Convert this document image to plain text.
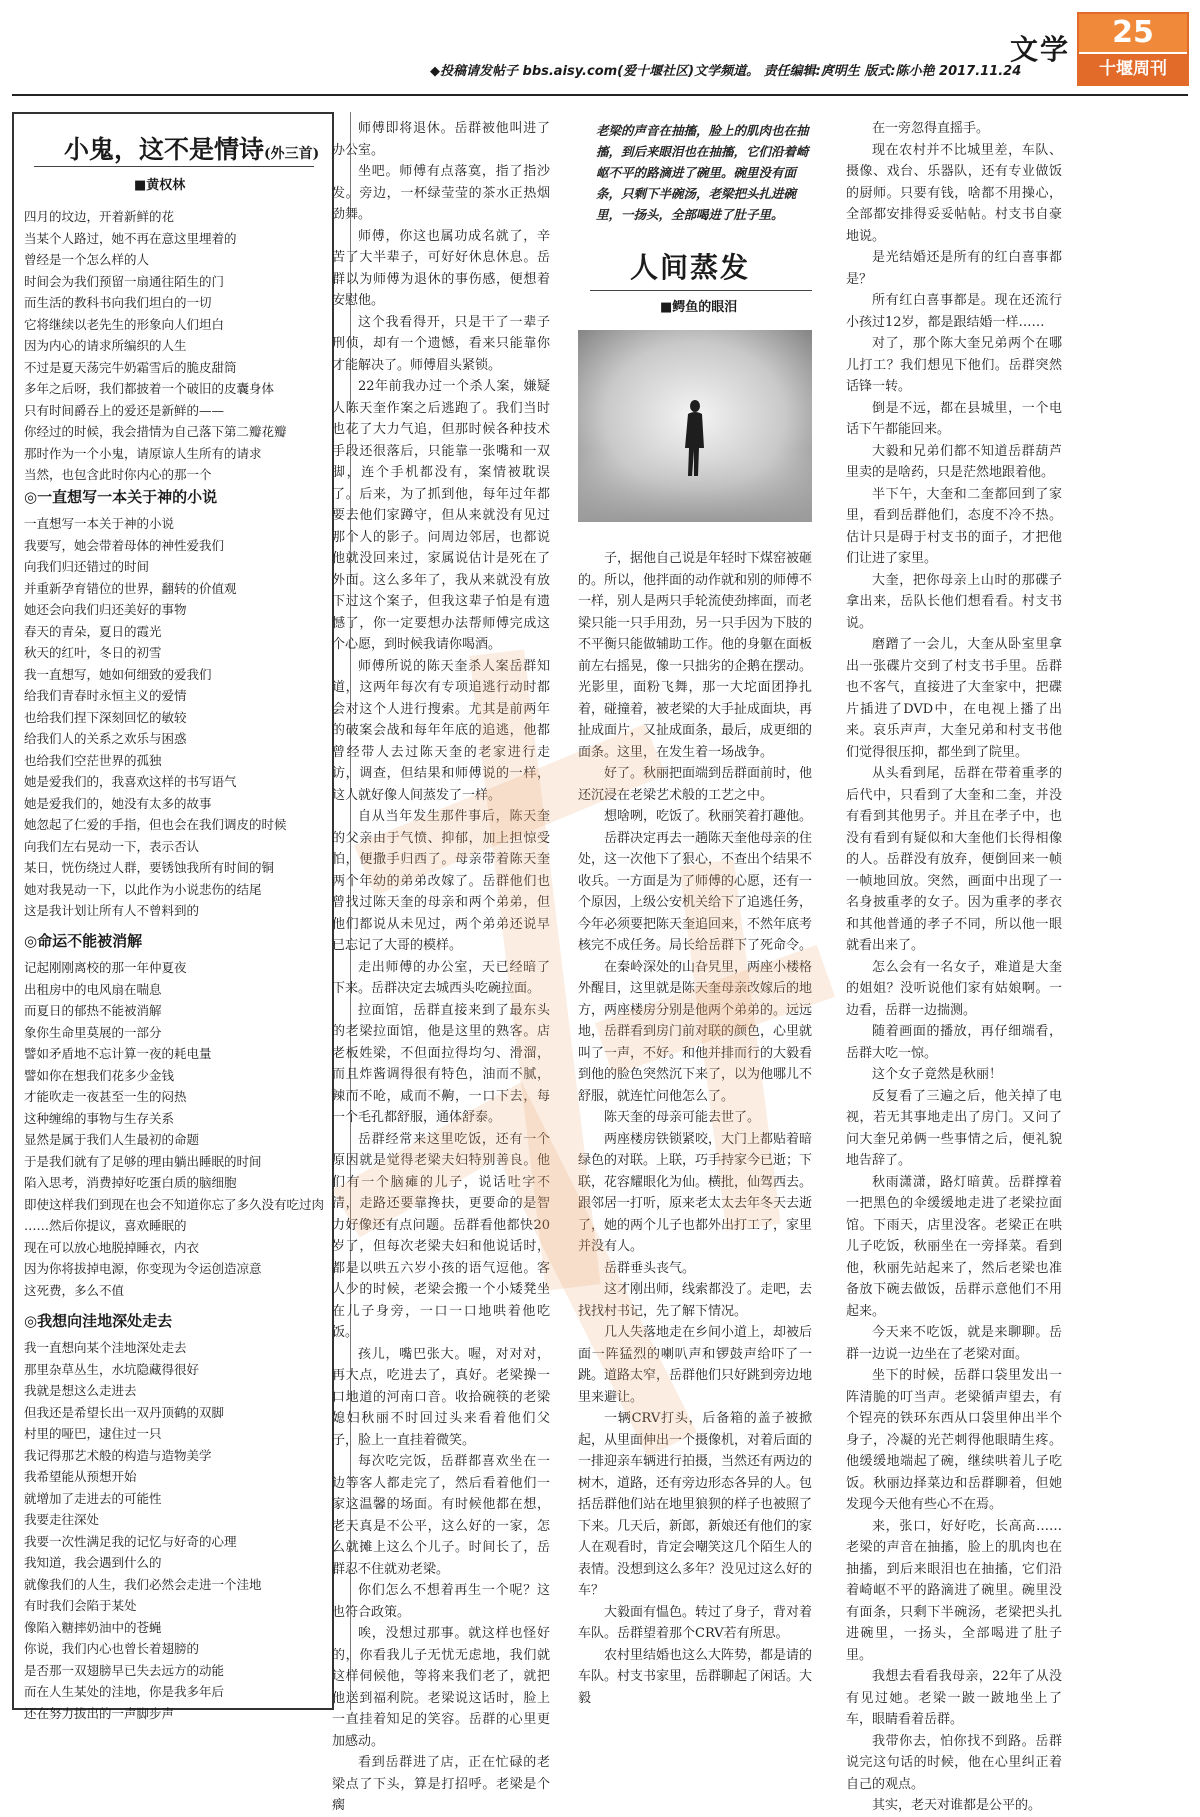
文学	25
十堰周刊
◆投稿请发帖子 bbs.aisy.com(爱十堰社区)文学频道。 责任编辑:庹明生 版式:陈小艳 2017.11.24
小鬼，这不是情诗(外三首)
■黄权林
四月的坟边，开着新鲜的花
当某个人路过，她不再在意这里埋着的
曾经是一个怎么样的人
时间会为我们预留一扇通往陌生的门
而生活的教科书向我们坦白的一切
它将继续以老先生的形象向人们坦白
因为内心的请求所编织的人生
不过是夏天荡完牛奶霜雪后的脆皮甜筒
多年之后呀，我们都披着一个破旧的皮囊身体
只有时间爵吞上的爱还是新鲜的——
你经过的时候，我会措情为自己落下第二瓣花瓣
那时作为一个小鬼，请原谅人生所有的请求
当然，也包含此时你内心的那一个
◎一直想写一本关于神的小说
一直想写一本关于神的小说
我要写，她会带着母体的神性爱我们
向我们归还错过的时间
并重新孕育错位的世界，翻转的价值观
她还会向我们归还美好的事物
春天的青朵，夏日的霞光
秋天的红叶，冬日的初雪
我一直想写，她如何细致的爱我们
给我们青春时永恒主义的爱情
也给我们捏下深刻回忆的敏较
给我们人的关系之欢乐与困惑
也给我们空茫世界的孤独
她是爱我们的，我喜欢这样的书写语气
她是爱我们的，她没有太多的故事
她忽起了仁爱的手指，但也会在我们调皮的时候
向我们左右晃动一下，表示否认
某日，恍伤绕过人群，要锈蚀我所有时间的铜
她对我晃动一下，以此作为小说悲伤的结尾
这是我计划让所有人不曾料到的
◎命运不能被消解
记起刚刚离校的那一年仲夏夜
出租房中的电风扇在喘息
而夏日的郁热不能被消解
象你生命里莫展的一部分
譬如矛盾地不忘计算一夜的耗电量
譬如你在想我们花多少金钱
才能吹走一夜甚至一生的闷热
这种缠绵的事物与生存关系
显然是属于我们人生最初的命题
于是我们就有了足够的理由躺出睡眠的时间
陷入思考，消费掉好吃蛋白质的脑细胞
即使这样我们到现在也会不知道你忘了多久没有吃过肉
……然后你提议，喜欢睡眠的
现在可以放心地脱掉睡衣，内衣
因为你将拔掉电源，你变现为令运创造凉意
这死费，多么不值
◎我想向洼地深处走去
我一直想向某个洼地深处走去
那里杂草丛生，水坑隐藏得很好
我就是想这么走进去
但我还是希望长出一双丹顶鹤的双脚
村里的哑巴，逮住过一只
我记得那艺术般的构造与造物美学
我希望能从预想开始
就增加了走进去的可能性
我要走往深处
我要一次性满足我的记忆与好奇的心理
我知道，我会遇到什么的
就像我们的人生，我们必然会走进一个洼地
有时我们会陷于某处
像陷入糖摔奶油中的苍蝇
你说，我们内心也曾长着翅膀的
是否那一双翅膀早已失去远方的动能
而在人生某处的洼地，你是我多年后
还在努力拔出的一声脚步声

师傅即将退休。岳群被他叫进了办公室。

坐吧。师傅有点落寞，指了指沙发。旁边，一杯绿莹莹的茶水正热烟劲舞。

师傅，你这也属功成名就了，辛苦了大半辈子，可好好休息休息。岳群以为师傅为退休的事伤感，便想着安慰他。

这个我看得开，只是干了一辈子刑侦，却有一个遗憾，看来只能靠你才能解决了。师傅眉头紧锁。

22年前我办过一个杀人案，嫌疑人陈天奎作案之后逃跑了。我们当时也花了大力气追，但那时候各种技术手段还很落后，只能靠一张嘴和一双脚，连个手机都没有，案情被耽误了。后来，为了抓到他，每年过年都要去他们家蹲守，但从来就没有见过那个人的影子。问周边邻居，也都说他就没回来过，家属说估计是死在了外面。这么多年了，我从来就没有放下过这个案子，但我这辈子怕是有遗憾了，你一定要想办法帮师傅完成这个心愿，到时候我请你喝酒。

师傅所说的陈天奎杀人案岳群知道，这两年每次有专项追逃行动时都会对这个人进行搜索。尤其是前两年的破案会战和每年年底的追逃，他都曾经带人去过陈天奎的老家进行走访，调查，但结果和师傅说的一样，这人就好像人间蒸发了一样。

自从当年发生那件事后，陈天奎的父亲由于气愤、抑郁，加上担惊受怕，便撒手归西了。母亲带着陈天奎两个年幼的弟弟改嫁了。岳群他们也曾找过陈天奎的母亲和两个弟弟，但他们都说从未见过，两个弟弟还说早已忘记了大哥的模样。

走出师傅的办公室，天已经暗了下来。岳群决定去城西头吃碗拉面。

拉面馆，岳群直接来到了最东头的老梁拉面馆，他是这里的熟客。店老板姓梁，不但面拉得均匀、滑溜，而且炸酱调得很有特色，油而不腻，辣而不呛，咸而不齁，一口下去，每一个毛孔都舒服，通体舒泰。

岳群经常来这里吃饭，还有一个原因就是觉得老梁夫妇特别善良。他们有一个脑瘫的儿子，说话吐字不清，走路还要靠搀扶，更要命的是智力好像还有点问题。岳群看他都快20岁了，但每次老梁夫妇和他说话时，都是以哄五六岁小孩的语气逗他。客人少的时候，老梁会搬一个小矮凳坐在儿子身旁，一口一口地哄着他吃饭。

孩儿，嘴巴张大。喔，对对对，再大点，吃进去了，真好。老梁操一口地道的河南口音。收拾碗筷的老梁媳妇秋丽不时回过头来看着他们父子，脸上一直挂着微笑。

每次吃完饭，岳群都喜欢坐在一边等客人都走完了，然后看着他们一家这温馨的场面。有时候他都在想，老天真是不公平，这么好的一家，怎么就摊上这么个儿子。时间长了，岳群忍不住就劝老梁。

你们怎么不想着再生一个呢？这也符合政策。

唉，没想过那事。就这样也怪好的，你看我儿子无忧无虑地，我们就这样伺候他，等将来我们老了，就把他送到福利院。老梁说这话时，脸上一直挂着知足的笑容。岳群的心里更加感动。

看到岳群进了店，正在忙碌的老梁点了下头，算是打招呼。老梁是个瘸

老梁的声音在抽搐，脸上的肌肉也在抽搐，到后来眼泪也在抽搐，它们沿着崎岖不平的路滴进了碗里。碗里没有面条，只剩下半碗汤，老梁把头扎进碗里，一扬头，全部喝进了肚子里。
人间蒸发
■鳄鱼的眼泪

子，据他自己说是年轻时下煤窑被砸的。所以，他拌面的动作就和别的师傅不一样，别人是两只手轮流使劲摔面，而老梁只能一只手用劲，另一只手因为下肢的不平衡只能做辅助工作。他的身躯在面板前左右摇晃，像一只拙劣的企鹅在摆动。光影里，面粉飞舞，那一大坨面团挣扎着，碰撞着，被老梁的大手扯成面块，再扯成面片，又扯成面条，最后，成更细的面条。这里，在发生着一场战争。

好了。秋丽把面端到岳群面前时，他还沉浸在老梁艺术般的工艺之中。

想啥咧，吃饭了。秋丽笑着打趣他。

岳群决定再去一趟陈天奎他母亲的住处，这一次他下了狠心，不查出个结果不收兵。一方面是为了师傅的心愿，还有一个原因，上级公安机关给下了追逃任务，今年必须要把陈天奎追回来，不然年底考核完不成任务。局长给岳群下了死命令。

在秦岭深处的山旮旯里，两座小楼格外醒目，这里就是陈天奎母亲改嫁后的地方，两座楼房分别是他两个弟弟的。远远地，岳群看到房门前对联的颜色，心里就叫了一声，不好。和他并排而行的大毅看到他的脸色突然沉下来了，以为他哪儿不舒服，就连忙问他怎么了。

陈天奎的母亲可能去世了。

两座楼房铁锁紧咬，大门上都贴着暗绿色的对联。上联，巧手持家今已逝；下联，花容耀眼化为仙。横批，仙驾西去。跟邻居一打听，原来老太太去年冬天去逝了，她的两个儿子也都外出打工了，家里并没有人。

岳群垂头丧气。

这才刚出师，线索都没了。走吧，去找找村书记，先了解下情况。

几人失落地走在乡间小道上，却被后面一阵猛烈的喇叭声和锣鼓声给吓了一跳。道路太窄，岳群他们只好跳到旁边地里来避让。

一辆CRV打头，后备箱的盖子被掀起，从里面伸出一个摄像机，对着后面的一排迎亲车辆进行拍摄，当然还有两边的树木，道路，还有旁边形态各异的人。包括岳群他们站在地里狼狈的样子也被照了下来。几天后，新郎，新娘还有他们的家人在观看时，肯定会嘲笑这几个陌生人的表情。没想到这么多年？没见过这么好的车？

大毅面有愠色。转过了身子，背对着车队。岳群望着那个CRV若有所思。

农村里结婚也这么大阵势，都是请的车队。村支书家里，岳群聊起了闲话。大毅

在一旁忽得直摇手。

现在农村并不比城里差，车队、摄像、戏台、乐器队，还有专业做饭的厨师。只要有钱，啥都不用操心，全部都安排得妥妥帖帖。村支书自豪地说。

是光结婚还是所有的红白喜事都是？

所有红白喜事都是。现在还流行小孩过12岁，都是跟结婚一样……

对了，那个陈大奎兄弟两个在哪儿打工？我们想见下他们。岳群突然话锋一转。

倒是不远，都在县城里，一个电话下午都能回来。

大毅和兄弟们都不知道岳群葫芦里卖的是啥药，只是茫然地跟着他。

半下午，大奎和二奎都回到了家里，看到岳群他们，态度不冷不热。估计只是碍于村支书的面子，才把他们让进了家里。

大奎，把你母亲上山时的那碟子拿出来，岳队长他们想看看。村支书说。

磨蹭了一会儿，大奎从卧室里拿出一张碟片交到了村支书手里。岳群也不客气，直接进了大奎家中，把碟片插进了DVD中，在电视上播了出来。哀乐声声，大奎兄弟和村支书他们觉得很压抑，都坐到了院里。

从头看到尾，岳群在带着重孝的后代中，只看到了大奎和二奎，并没有看到其他男子。并且在孝子中，也没有看到有疑似和大奎他们长得相像的人。岳群没有放弃，便倒回来一帧一帧地回放。突然，画面中出现了一名身披重孝的女子。因为重孝的孝衣和其他普通的孝子不同，所以他一眼就看出来了。

怎么会有一名女子，难道是大奎的姐姐？没听说他们家有姑娘啊。一边看，岳群一边揣测。

随着画面的播放，再仔细端看，岳群大吃一惊。

这个女子竟然是秋丽！

反复看了三遍之后，他关掉了电视，若无其事地走出了房门。又问了问大奎兄弟俩一些事情之后，便礼貌地告辞了。

秋雨潇潇，路灯暗黄。岳群撑着一把黑色的伞缓缓地走进了老梁拉面馆。下雨天，店里没客。老梁正在哄儿子吃饭，秋丽坐在一旁择菜。看到他，秋丽先站起来了，然后老梁也准备放下碗去做饭，岳群示意他们不用起来。

今天来不吃饭，就是来聊聊。岳群一边说一边坐在了老梁对面。

坐下的时候，岳群口袋里发出一阵清脆的叮当声。老梁循声望去，有个锃亮的铁环东西从口袋里伸出半个身子，冷凝的光芒刺得他眼睛生疼。他缓缓地端起了碗，继续哄着儿子吃饭。秋丽边择菜边和岳群聊着，但她发现今天他有些心不在焉。

来，张口，好好吃，长高高……老梁的声音在抽搐，脸上的肌肉也在抽搐，到后来眼泪也在抽搐，它们沿着崎岖不平的路滴进了碗里。碗里没有面条，只剩下半碗汤，老梁把头扎进碗里，一扬头，全部喝进了肚子里。

我想去看看我母亲，22年了从没有见过她。老梁一跛一跛地坐上了车，眼睛看着岳群。

我带你去，怕你找不到路。岳群说完这句话的时候，他在心里纠正着自己的观点。

其实，老天对谁都是公平的。
